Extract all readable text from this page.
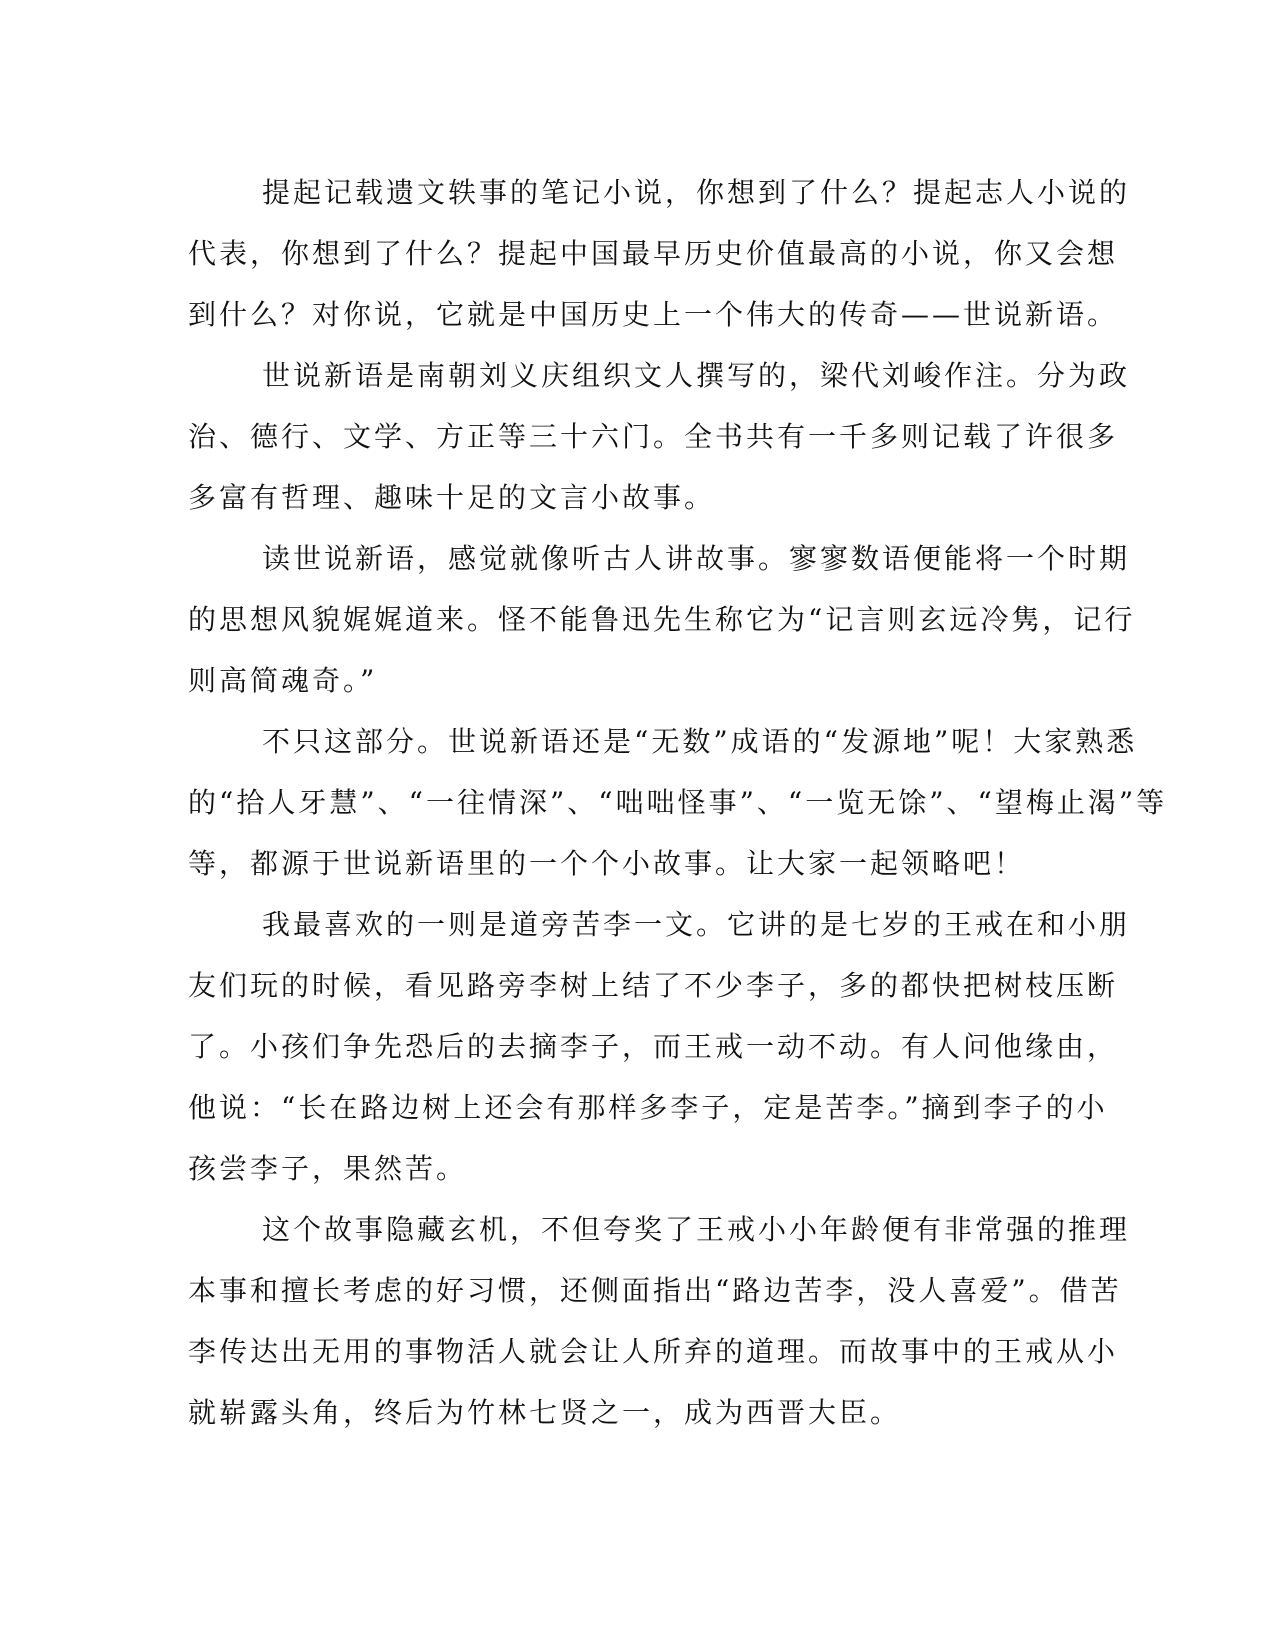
提起记载遗文轶事的笔记小说，你想到了什么？提起志人小说的
代表，你想到了什么？提起中国最早历史价值最高的小说，你又会想
到什么？对你说，它就是中国历史上一个伟大的传奇——世说新语。

世说新语是南朝刘义庆组织文人撰写的，梁代刘峻作注。分为政
治、德行、文学、方正等三十六门。全书共有一千多则记载了许很多
多富有哲理、趣味十足的文言小故事。

读世说新语，感觉就像听古人讲故事。寥寥数语便能将一个时期
的思想风貌娓娓道来。怪不能鲁迅先生称它为“记言则玄远冷隽，记行
则高简魂奇。”

不只这部分。世说新语还是“无数”成语的“发源地”呢！大家熟悉
的“拾人牙慧”、“一往情深”、“咄咄怪事”、“一览无馀”、“望梅止渴”等
等，都源于世说新语里的一个个小故事。让大家一起领略吧！

我最喜欢的一则是道旁苦李一文。它讲的是七岁的王戒在和小朋
友们玩的时候，看见路旁李树上结了不少李子，多的都快把树枝压断
了。小孩们争先恐后的去摘李子，而王戒一动不动。有人问他缘由，
他说：“长在路边树上还会有那样多李子，定是苦李。”摘到李子的小
孩尝李子，果然苦。

这个故事隐藏玄机，不但夸奖了王戒小小年龄便有非常强的推理
本事和擅长考虑的好习惯，还侧面指出“路边苦李，没人喜爱”。借苦
李传达出无用的事物活人就会让人所弃的道理。而故事中的王戒从小
就崭露头角，终后为竹林七贤之一，成为西晋大臣。
